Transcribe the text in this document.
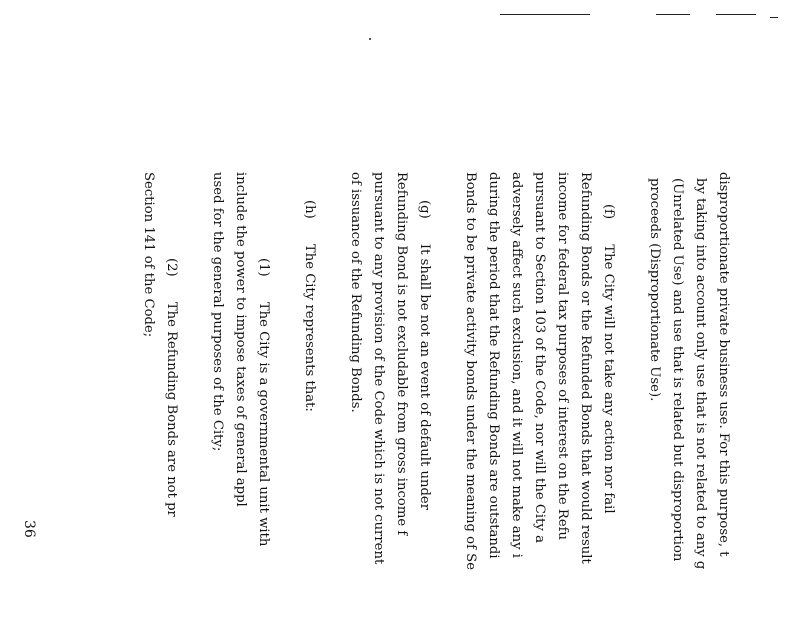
disproportionate private business use. For this purpose, t
by taking into account only use that is not related to any g
(Unrelated Use) and use that is related but disproportion
proceeds (Disproportionate Use).
(f)      The City will not take any action nor fail
Refunding Bonds or the Refunded Bonds that would result
income for federal tax purposes of interest on the Refu
pursuant to Section 103 of the Code, nor will the City a
adversely affect such exclusion, and it will not make any i
during the period that the Refunding Bonds are outstandi
Bonds to be private activity bonds under the meaning of Se
(g)      It shall be not an event of default under
Refunding Bond is not excludable from gross income f
pursuant to any provision of the Code which is not current
of issuance of the Refunding Bonds.
(h)      The City represents that:
(1)      The City is a governmental unit with
include the power to impose taxes of general appl
used for the general purposes of the City;
(2)      The Refunding Bonds are not pr
Section 141 of the Code;
36
